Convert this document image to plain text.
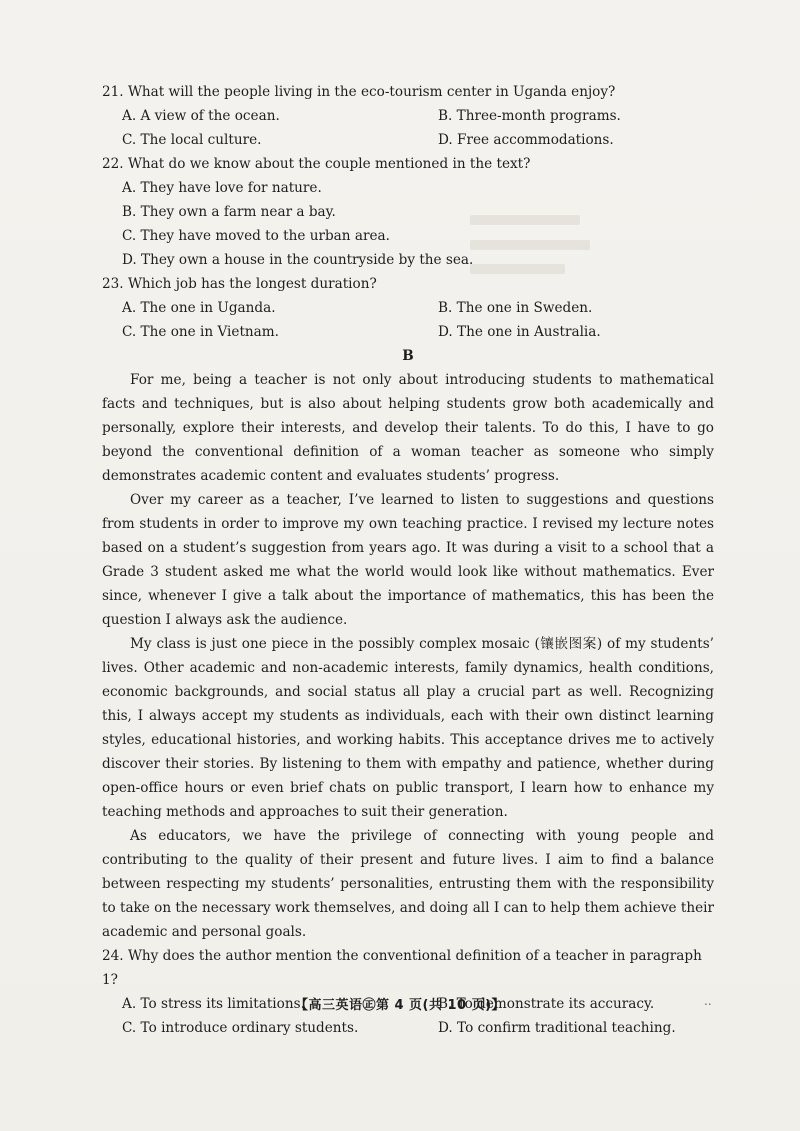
21. What will the people living in the eco-tourism center in Uganda enjoy?

A. A view of the ocean.	B. Three-month programs.
C. The local culture.	D. Free accommodations.

22. What do we know about the couple mentioned in the text?

A. They have love for nature.

B. They own a farm near a bay.

C. They have moved to the urban area.

D. They own a house in the countryside by the sea.

23. Which job has the longest duration?

A. The one in Uganda.	B. The one in Sweden.
C. The one in Vietnam.	D. The one in Australia.

B

For me, being a teacher is not only about introducing students to mathematical facts and techniques, but is also about helping students grow both academically and personally, explore their interests, and develop their talents. To do this, I have to go beyond the conventional definition of a woman teacher as someone who simply demonstrates academic content and evaluates students’ progress.

Over my career as a teacher, I’ve learned to listen to suggestions and questions from students in order to improve my own teaching practice. I revised my lecture notes based on a student’s suggestion from years ago. It was during a visit to a school that a Grade 3 student asked me what the world would look like without mathematics. Ever since, whenever I give a talk about the importance of mathematics, this has been the question I always ask the audience.

My class is just one piece in the possibly complex mosaic (镶嵌图案) of my students’ lives. Other academic and non-academic interests, family dynamics, health conditions, economic backgrounds, and social status all play a crucial part as well. Recognizing this, I always accept my students as individuals, each with their own distinct learning styles, educational histories, and working habits. This acceptance drives me to actively discover their stories. By listening to them with empathy and patience, whether during open-office hours or even brief chats on public transport, I learn how to enhance my teaching methods and approaches to suit their generation.

As educators, we have the privilege of connecting with young people and contributing to the quality of their present and future lives. I aim to find a balance between respecting my students’ personalities, entrusting them with the responsibility to take on the necessary work themselves, and doing all I can to help them achieve their academic and personal goals.

24. Why does the author mention the conventional definition of a teacher in paragraph 1?

A. To stress its limitations.	B. To demonstrate its accuracy.
C. To introduce ordinary students.	D. To confirm traditional teaching.
【高三英语㊣第 4 页(共 10 页)】	..
